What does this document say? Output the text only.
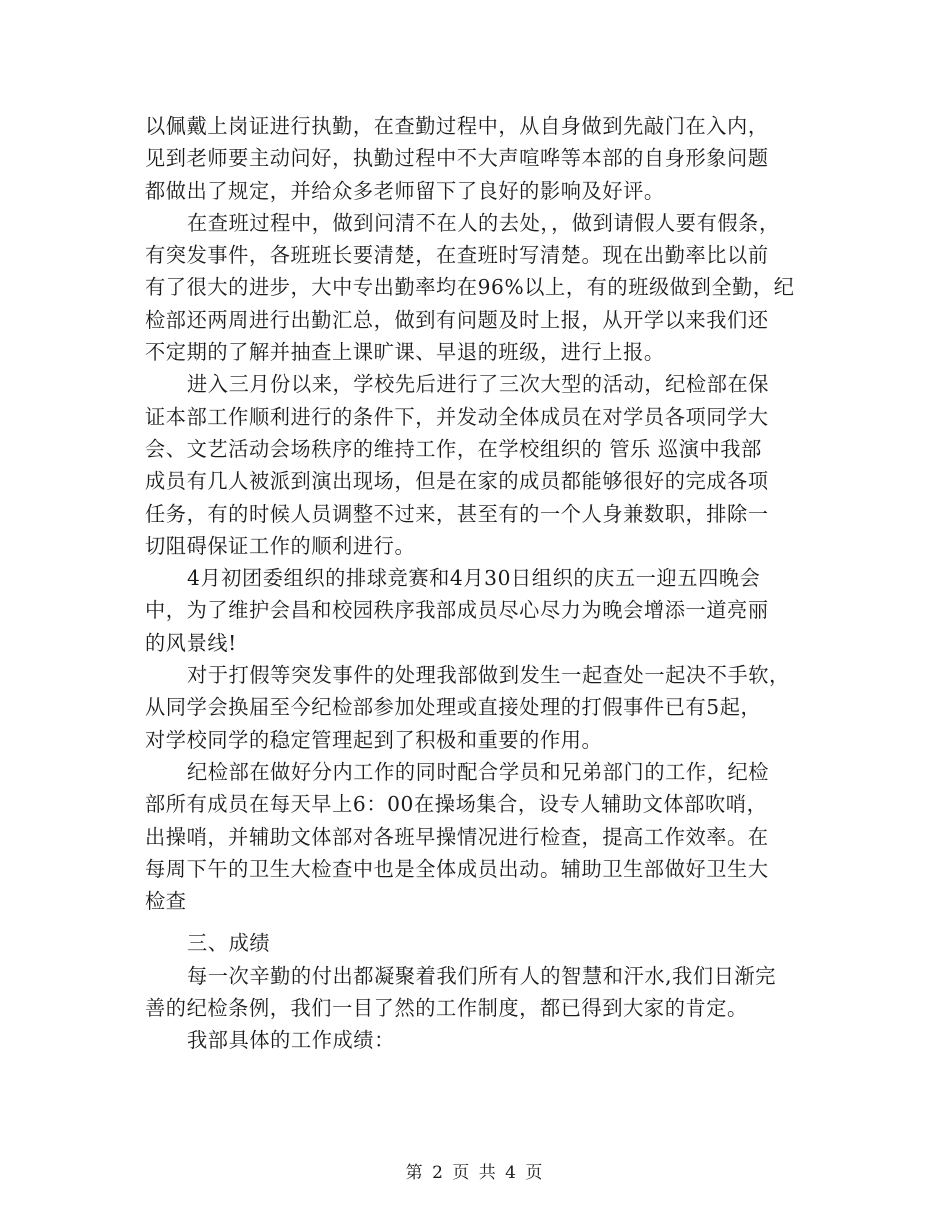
以佩戴上岗证进行执勤，在查勤过程中，从自身做到先敲门在入内，
见到老师要主动问好，执勤过程中不大声喧哗等本部的自身形象问题
都做出了规定，并给众多老师留下了良好的影响及好评。
在查班过程中，做到问清不在人的去处，，做到请假人要有假条，
有突发事件，各班班长要清楚，在查班时写清楚。现在出勤率比以前
有了很大的进步，大中专出勤率均在96%以上，有的班级做到全勤，纪
检部还两周进行出勤汇总，做到有问题及时上报，从开学以来我们还
不定期的了解并抽查上课旷课、早退的班级，进行上报。
进入三月份以来，学校先后进行了三次大型的活动，纪检部在保
证本部工作顺利进行的条件下，并发动全体成员在对学员各项同学大
会、文艺活动会场秩序的维持工作，在学校组织的 管乐 巡演中我部
成员有几人被派到演出现场，但是在家的成员都能够很好的完成各项
任务，有的时候人员调整不过来，甚至有的一个人身兼数职，排除一
切阻碍保证工作的顺利进行。
4月初团委组织的排球竞赛和4月30日组织的庆五一迎五四晚会
中，为了维护会昌和校园秩序我部成员尽心尽力为晚会增添一道亮丽
的风景线!
对于打假等突发事件的处理我部做到发生一起查处一起决不手软，
从同学会换届至今纪检部参加处理或直接处理的打假事件已有5起，
对学校同学的稳定管理起到了积极和重要的作用。
纪检部在做好分内工作的同时配合学员和兄弟部门的工作，纪检
部所有成员在每天早上6：00在操场集合，设专人辅助文体部吹哨，
出操哨，并辅助文体部对各班早操情况进行检查，提高工作效率。在
每周下午的卫生大检查中也是全体成员出动。辅助卫生部做好卫生大
检查
三、成绩
每一次辛勤的付出都凝聚着我们所有人的智慧和汗水,我们日渐完
善的纪检条例，我们一目了然的工作制度，都已得到大家的肯定。
我部具体的工作成绩：
第 2 页 共 4 页
